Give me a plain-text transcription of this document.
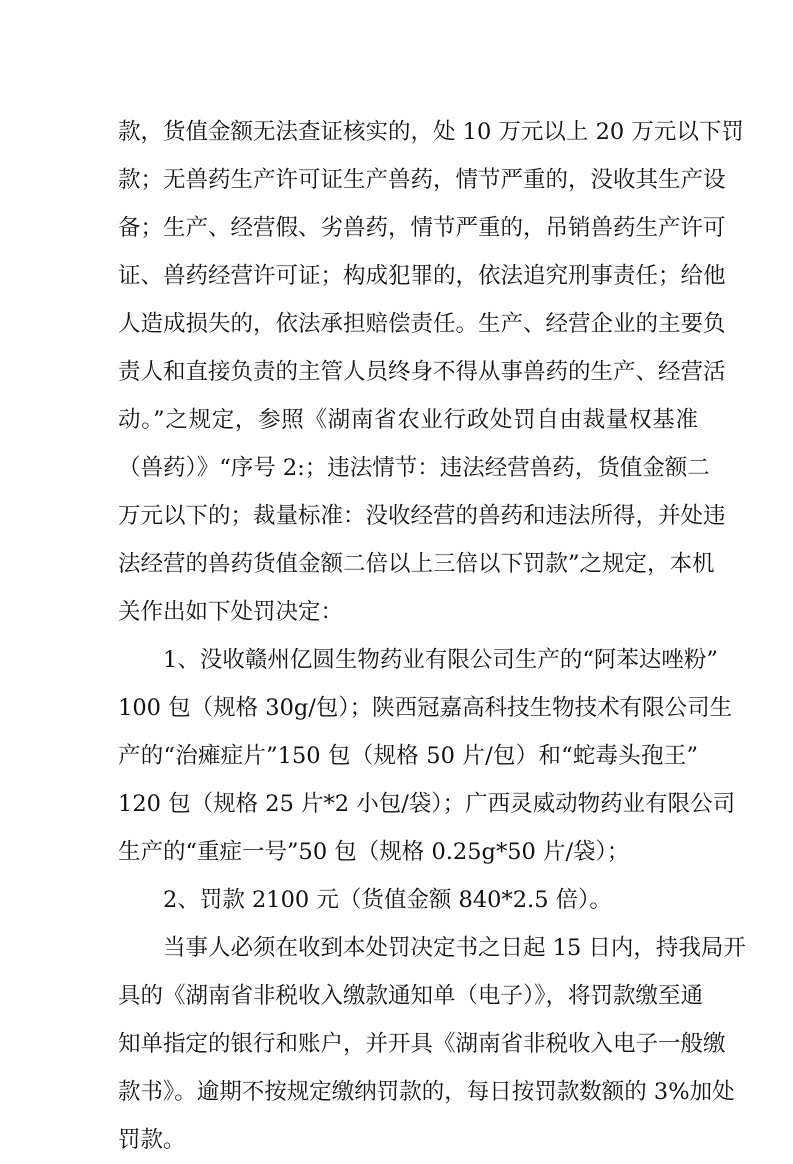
款，货值金额无法查证核实的，处 10 万元以上 20 万元以下罚
款；无兽药生产许可证生产兽药，情节严重的，没收其生产设
备；生产、经营假、劣兽药，情节严重的，吊销兽药生产许可
证、兽药经营许可证；构成犯罪的，依法追究刑事责任；给他
人造成损失的，依法承担赔偿责任。生产、经营企业的主要负
责人和直接负责的主管人员终身不得从事兽药的生产、经营活
动。”之规定，参照《湖南省农业行政处罚自由裁量权基准
（兽药）》“序号 2:；违法情节：违法经营兽药，货值金额二
万元以下的；裁量标准：没收经营的兽药和违法所得，并处违
法经营的兽药货值金额二倍以上三倍以下罚款”之规定，本机
关作出如下处罚决定：
1、没收赣州亿圆生物药业有限公司生产的“阿苯达唑粉”
100 包（规格 30g/包）；陕西冠嘉高科技生物技术有限公司生
产的“治瘫症片”150 包（规格 50 片/包）和“蛇毒头孢王”
120 包（规格 25 片*2 小包/袋）；广西灵威动物药业有限公司
生产的“重症一号”50 包（规格 0.25g*50 片/袋）；
2、罚款 2100 元（货值金额 840*2.5 倍）。
当事人必须在收到本处罚决定书之日起 15 日内，持我局开
具的《湖南省非税收入缴款通知单（电子）》，将罚款缴至通
知单指定的银行和账户，并开具《湖南省非税收入电子一般缴
款书》。逾期不按规定缴纳罚款的，每日按罚款数额的 3%加处
罚款。
